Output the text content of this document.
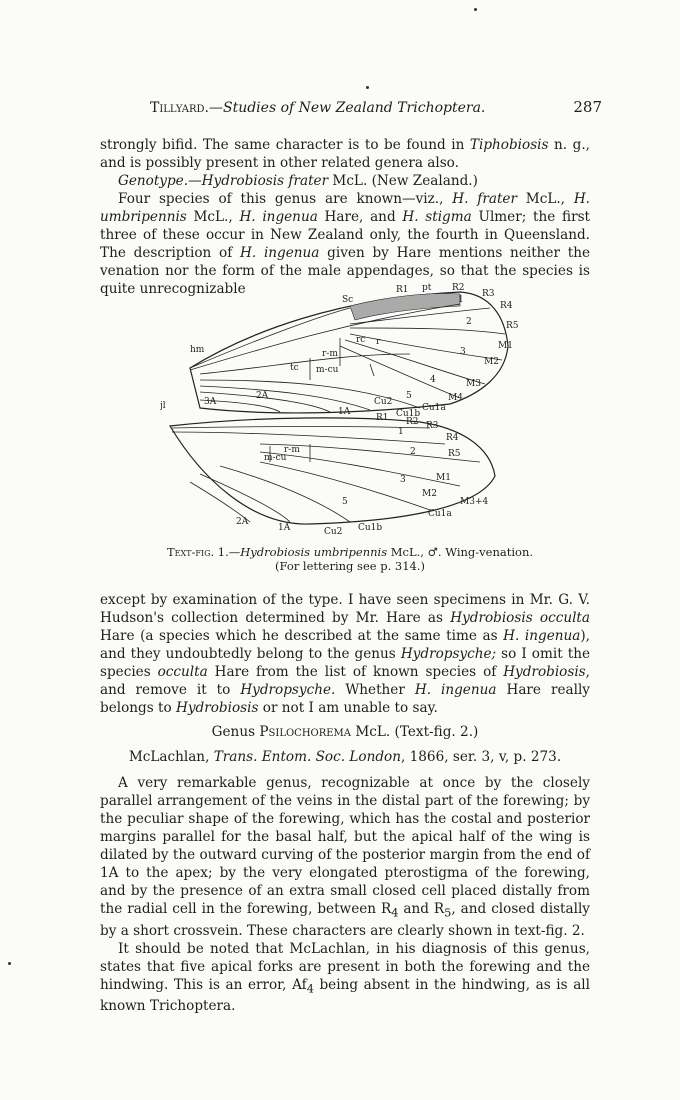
Tillyard.—Studies of New Zealand Trichoptera.	287

strongly bifid. The same character is to be found in Tiphobiosis n. g., and is possibly present in other related genera also.

Genotype.—Hydrobiosis frater McL. (New Zealand.)

Four species of this genus are known—viz., H. frater McL., H. umbripennis McL., H. ingenua Hare, and H. stigma Ulmer; the first three of these occur in New Zealand only, the fourth in Queensland. The description of H. ingenua given by Hare mentions neither the venation nor the form of the male appendages, so that the species is quite unrecognizable

Sc
R1 pt R2
R3
R4
R5
M1
M2
M3
M4
Cu1a
Cu1b
Cu2
1A
2A
3A
hm
jl
rc r
r-m
m-cu
tc
1
2
3
4
5
M3+4
R4
R5
M1
M2
Cu1a
Cu1b
Cu2
1A
2A
r-m
m-cu
1
2
3
5
R1 R2 R3
Text-fig. 1.—Hydrobiosis umbripennis McL., ♂. Wing-venation.
(For lettering see p. 314.)

except by examination of the type. I have seen specimens in Mr. G. V. Hudson's collection determined by Mr. Hare as Hydrobiosis occulta Hare (a species which he described at the same time as H. ingenua), and they undoubtedly belong to the genus Hydropsyche; so I omit the species occulta Hare from the list of known species of Hydrobiosis, and remove it to Hydropsyche. Whether H. ingenua Hare really belongs to Hydrobiosis or not I am unable to say.

Genus Psilochorema McL. (Text-fig. 2.)
McLachlan, Trans. Entom. Soc. London, 1866, ser. 3, v, p. 273.

A very remarkable genus, recognizable at once by the closely parallel arrangement of the veins in the distal part of the forewing; by the peculiar shape of the forewing, which has the costal and posterior margins parallel for the basal half, but the apical half of the wing is dilated by the outward curving of the posterior margin from the end of 1A to the apex; by the very elongated pterostigma of the forewing, and by the presence of an extra small closed cell placed distally from the radial cell in the forewing, between $R_4$ and $R_5$, and closed distally by a short crossvein. These characters are clearly shown in text-fig. 2.

It should be noted that McLachlan, in his diagnosis of this genus, states that five apical forks are present in both the forewing and the hindwing. This is an error, $Af_4$ being absent in the hindwing, as is all known Trichoptera.
